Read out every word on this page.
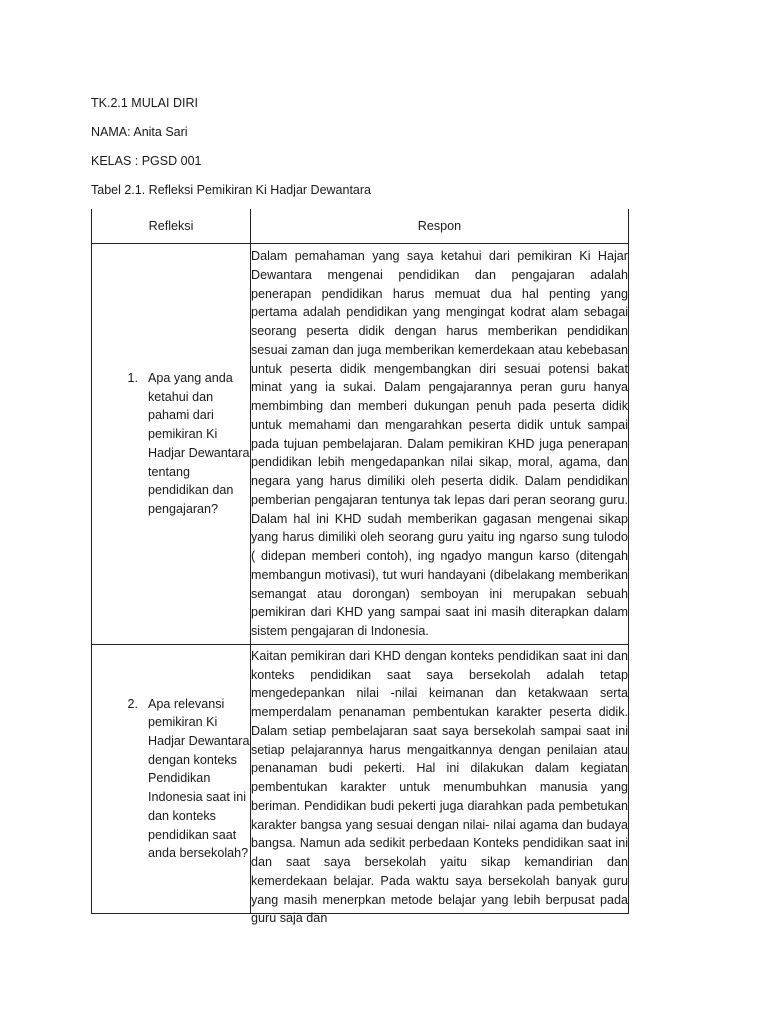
TK.2.1 MULAI DIRI
NAMA: Anita Sari
KELAS : PGSD 001
Tabel 2.1. Refleksi Pemikiran Ki Hadjar Dewantara
Refleksi	Respon

1. Apa yang anda ketahui dan pahami dari pemikiran Ki Hadjar Dewantara tentang pendidikan dan pengajaran?	Dalam pemahaman yang saya ketahui dari pemikiran Ki Hajar Dewantara mengenai pendidikan dan pengajaran adalah penerapan pendidikan harus memuat dua hal penting yang pertama adalah pendidikan yang mengingat kodrat alam sebagai seorang peserta didik dengan harus memberikan pendidikan sesuai zaman dan juga memberikan kemerdekaan atau kebebasan untuk peserta didik mengembangkan diri sesuai potensi bakat minat yang ia sukai. Dalam pengajarannya peran guru hanya membimbing dan memberi dukungan penuh pada peserta didik untuk memahami dan mengarahkan peserta didik untuk sampai pada tujuan pembelajaran. Dalam pemikiran KHD juga penerapan pendidikan lebih mengedapankan nilai sikap, moral, agama, dan negara yang harus dimiliki oleh peserta didik. Dalam pendidikan pemberian pengajaran tentunya tak lepas dari peran seorang guru. Dalam hal ini KHD sudah memberikan gagasan mengenai sikap yang harus dimiliki oleh seorang guru yaitu ing ngarso sung tulodo ( didepan memberi contoh), ing ngadyo mangun karso (ditengah membangun motivasi), tut wuri handayani (dibelakang memberikan semangat atau dorongan) semboyan ini merupakan sebuah pemikiran dari KHD yang sampai saat ini masih diterapkan dalam sistem pengajaran di Indonesia.

2. Apa relevansi pemikiran Ki Hadjar Dewantara dengan konteks Pendidikan Indonesia saat ini dan konteks pendidikan saat anda bersekolah?	Kaitan pemikiran dari KHD dengan konteks pendidikan saat ini dan konteks pendidikan saat saya bersekolah adalah tetap mengedepankan nilai -nilai keimanan dan ketakwaan serta memperdalam penanaman pembentukan karakter peserta didik. Dalam setiap pembelajaran saat saya bersekolah sampai saat ini setiap pelajarannya harus mengaitkannya dengan penilaian atau penanaman budi pekerti. Hal ini dilakukan dalam kegiatan pembentukan karakter untuk menumbuhkan manusia yang beriman. Pendidikan budi pekerti juga diarahkan pada pembetukan karakter bangsa yang sesuai dengan nilai- nilai agama dan budaya bangsa. Namun ada sedikit perbedaan Konteks pendidikan saat ini dan saat saya bersekolah yaitu sikap kemandirian dan kemerdekaan belajar. Pada waktu saya bersekolah banyak guru yang masih menerpkan metode belajar yang lebih berpusat pada guru saja dan
